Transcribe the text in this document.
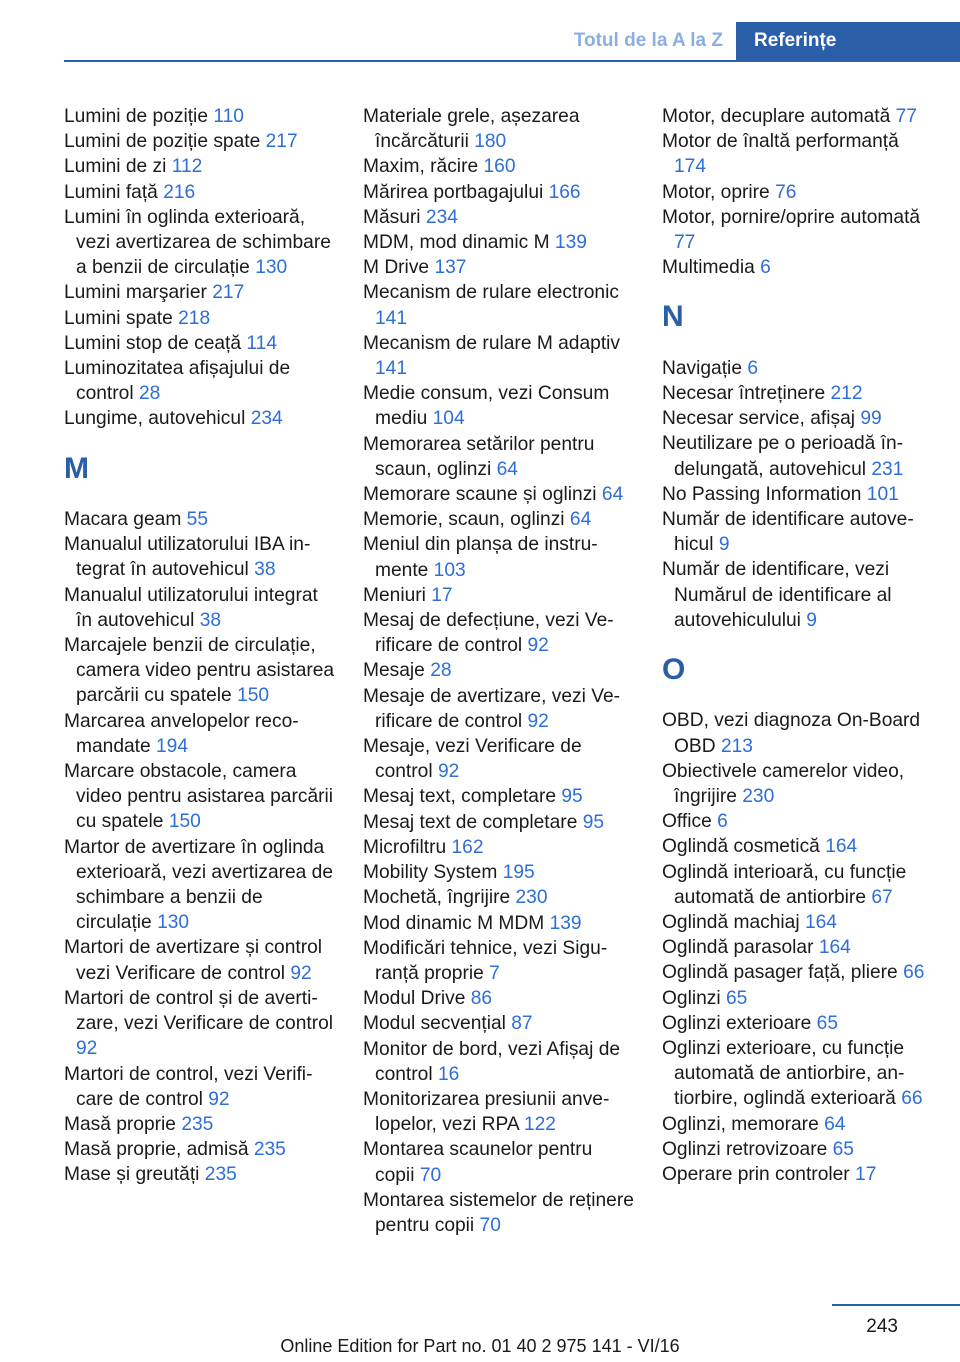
Totul de la A la Z	Referințe
Lumini de poziție 110
Lumini de poziție spate 217
Lumini de zi 112
Lumini față 216
Lumini în oglinda exterioară, vezi avertizarea de schimbare a benzii de circulație 130
Lumini marşarier 217
Lumini spate 218
Lumini stop de ceață 114
Luminozitatea afișajului de control 28
Lungime, autovehicul 234
M
Macara geam 55
Manualul utilizatorului IBA integrat în autovehicul 38
Manualul utilizatorului integrat în autovehicul 38
Marcajele benzii de circulație, camera video pentru asistarea parcării cu spatele 150
Marcarea anvelopelor recomandate 194
Marcare obstacole, camera video pentru asistarea parcării cu spatele 150
Martor de avertizare în oglinda exterioară, vezi avertizarea de schimbare a benzii de circulație 130
Martori de avertizare și control vezi Verificare de control 92
Martori de control și de avertizare, vezi Verificare de control 92
Martori de control, vezi Verificare de control 92
Masă proprie 235
Masă proprie, admisă 235
Mase și greutăți 235
Materiale grele, așezarea încărcăturii 180
Maxim, răcire 160
Mărirea portbagajului 166
Măsuri 234
MDM, mod dinamic M 139
M Drive 137
Mecanism de rulare electronic 141
Mecanism de rulare M adaptiv 141
Medie consum, vezi Consum mediu 104
Memorarea setărilor pentru scaun, oglinzi 64
Memorare scaune și oglinzi 64
Memorie, scaun, oglinzi 64
Meniul din planșa de instrumente 103
Meniuri 17
Mesaj de defecțiune, vezi Verificare de control 92
Mesaje 28
Mesaje de avertizare, vezi Verificare de control 92
Mesaje, vezi Verificare de control 92
Mesaj text, completare 95
Mesaj text de completare 95
Microfiltru 162
Mobility System 195
Mochetă, îngrijire 230
Mod dinamic M MDM 139
Modificări tehnice, vezi Siguranță proprie 7
Modul Drive 86
Modul secvențial 87
Monitor de bord, vezi Afișaj de control 16
Monitorizarea presiunii anvelopelor, vezi RPA 122
Montarea scaunelor pentru copii 70
Montarea sistemelor de reținere pentru copii 70
Motor, decuplare automată 77
Motor de înaltă performanță 174
Motor, oprire 76
Motor, pornire/oprire automată 77
Multimedia 6
N
Navigație 6
Necesar întreținere 212
Necesar service, afișaj 99
Neutilizare pe o perioadă îndelungată, autovehicul 231
No Passing Information 101
Număr de identificare autovehicul 9
Număr de identificare, vezi Numărul de identificare al autovehiculului 9
O
OBD, vezi diagnoza On-Board OBD 213
Obiectivele camerelor video, îngrijire 230
Office 6
Oglindă cosmetică 164
Oglindă interioară, cu funcție automată de antiorbire 67
Oglindă machiaj 164
Oglindă parasolar 164
Oglindă pasager față, pliere 66
Oglinzi 65
Oglinzi exterioare 65
Oglinzi exterioare, cu funcție automată de antiorbire, antiorbire, oglindă exterioară 66
Oglinzi, memorare 64
Oglinzi retrovizoare 65
Operare prin controler 17
243
Online Edition for Part no. 01 40 2 975 141 - VI/16
